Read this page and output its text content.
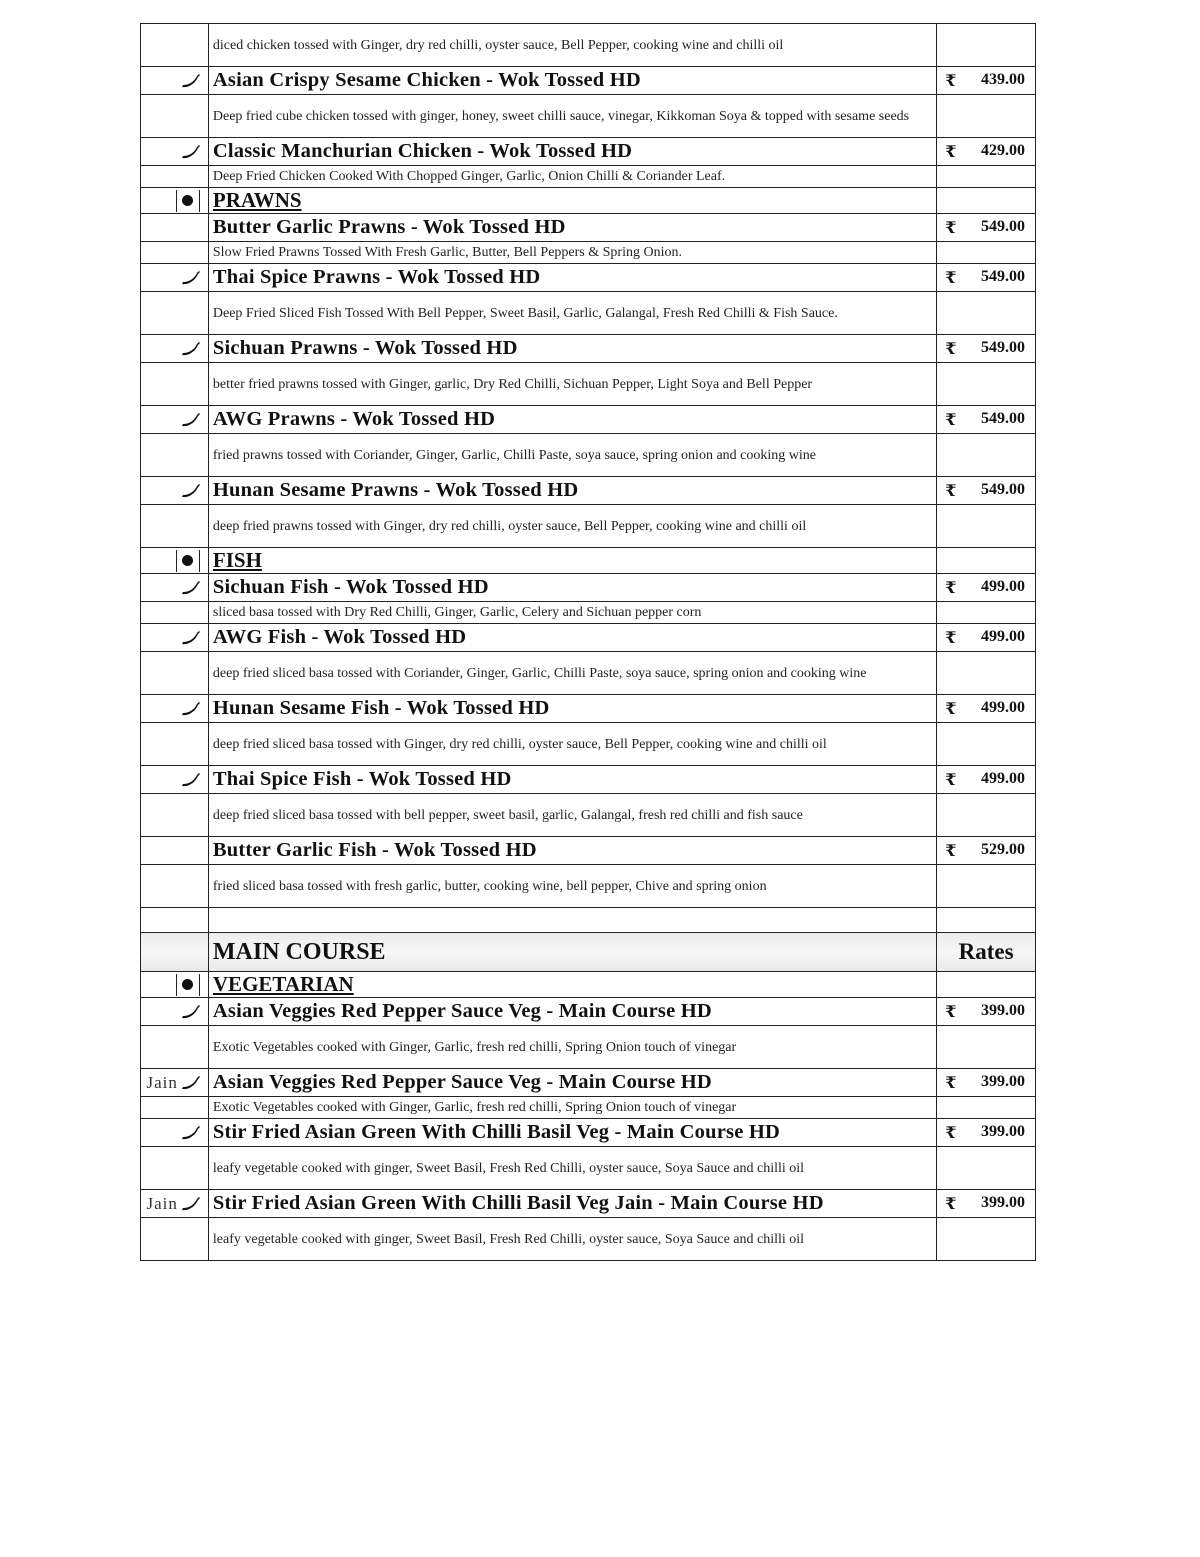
	diced chicken tossed with Ginger, dry red chilli, oyster sauce, Bell Pepper, cooking wine and chilli oil	
	Asian Crispy Sesame Chicken - Wok Tossed HD	₹ 439.00

	Deep fried cube chicken tossed with ginger, honey, sweet chilli sauce, vinegar, Kikkoman Soya & topped with sesame seeds	
	Classic Manchurian Chicken - Wok Tossed HD	₹ 429.00

	Deep Fried Chicken Cooked With Chopped Ginger, Garlic, Onion Chilli & Coriander Leaf.	
	PRAWNS	
	Butter Garlic Prawns - Wok Tossed HD	₹ 549.00

	Slow Fried Prawns Tossed With Fresh Garlic, Butter, Bell Peppers & Spring Onion.	
	Thai Spice Prawns - Wok Tossed HD	₹ 549.00

	Deep Fried Sliced Fish Tossed With Bell Pepper, Sweet Basil, Garlic, Galangal, Fresh Red Chilli & Fish Sauce.	
	Sichuan Prawns - Wok Tossed HD	₹ 549.00

	better fried prawns tossed with Ginger, garlic, Dry Red Chilli, Sichuan Pepper, Light Soya and Bell Pepper	
	AWG Prawns - Wok Tossed HD	₹ 549.00

	fried prawns tossed with Coriander, Ginger, Garlic, Chilli Paste, soya sauce, spring onion and cooking wine	
	Hunan Sesame Prawns - Wok Tossed HD	₹ 549.00

	deep fried prawns tossed with Ginger, dry red chilli, oyster sauce, Bell Pepper, cooking wine and chilli oil	
	FISH	
	Sichuan Fish - Wok Tossed HD	₹ 499.00

	sliced basa tossed with Dry Red Chilli, Ginger, Garlic, Celery and Sichuan pepper corn	
	AWG Fish - Wok Tossed HD	₹ 499.00

	deep fried sliced basa tossed with Coriander, Ginger, Garlic, Chilli Paste, soya sauce, spring onion and cooking wine	
	Hunan Sesame Fish - Wok Tossed HD	₹ 499.00

	deep fried sliced basa tossed with Ginger, dry red chilli, oyster sauce, Bell Pepper, cooking wine and chilli oil	
	Thai Spice Fish - Wok Tossed HD	₹ 499.00

	deep fried sliced basa tossed with bell pepper, sweet basil, garlic, Galangal, fresh red chilli and fish sauce	
	Butter Garlic Fish - Wok Tossed HD	₹ 529.00

	fried sliced basa tossed with fresh garlic, butter, cooking wine, bell pepper, Chive and spring onion	

	MAIN COURSE	Rates
	VEGETARIAN	
	Asian Veggies Red Pepper Sauce Veg - Main Course HD	₹ 399.00

	Exotic Vegetables cooked with Ginger, Garlic, fresh red chilli, Spring Onion touch of vinegar	
Jain	Asian Veggies Red Pepper Sauce Veg - Main Course HD	₹ 399.00

	Exotic Vegetables cooked with Ginger, Garlic, fresh red chilli, Spring Onion touch of vinegar	
	Stir Fried Asian Green With Chilli Basil Veg - Main Course HD	₹ 399.00

	leafy vegetable cooked with ginger, Sweet Basil, Fresh Red Chilli, oyster sauce, Soya Sauce and chilli oil	
Jain	Stir Fried Asian Green With Chilli Basil Veg Jain - Main Course HD	₹ 399.00

	leafy vegetable cooked with ginger, Sweet Basil, Fresh Red Chilli, oyster sauce, Soya Sauce and chilli oil	
